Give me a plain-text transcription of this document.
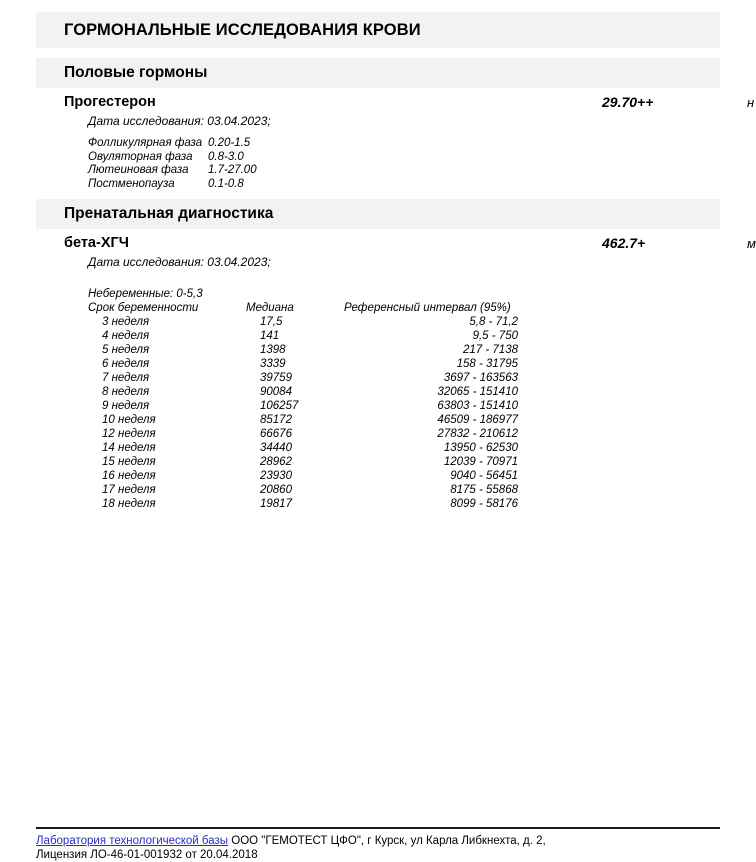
ГОРМОНАЛЬНЫЕ ИССЛЕДОВАНИЯ КРОВИ
Половые гормоны
Прогестерон	29.70++	н
Дата исследования: 03.04.2023;
Фолликулярная фаза 0.20-1.5
Овуляторная фаза	0.8-3.0
Лютеиновая фаза	1.7-27.00
Постменопауза	0.1-0.8
Пренатальная диагностика
бета-ХГЧ	462.7+	м
Дата исследования: 03.04.2023;
Небеременные: 0-5,3
Срок беременности	Медиана	Референсный интервал (95%)
3 неделя	17,5	5,8 - 71,2
4 неделя	141	9,5 - 750
5 неделя	1398	217 - 7138
6 неделя	3339	158 - 31795
7 неделя	39759	3697 - 163563
8 неделя	90084	32065 - 151410
9 неделя	106257	63803 - 151410
10 неделя	85172	46509 - 186977
12 неделя	66676	27832 - 210612
14 неделя	34440	13950 - 62530
15 неделя	28962	12039 - 70971
16 неделя	23930	9040 - 56451
17 неделя	20860	8175 - 55868
18 неделя	19817	8099 - 58176
Лаборатория технологической базы ООО "ГЕМОТЕСТ ЦФО", г Курск, ул Карла Либкнехта, д. 2,
Лицензия ЛО-46-01-001932 от 20.04.2018
